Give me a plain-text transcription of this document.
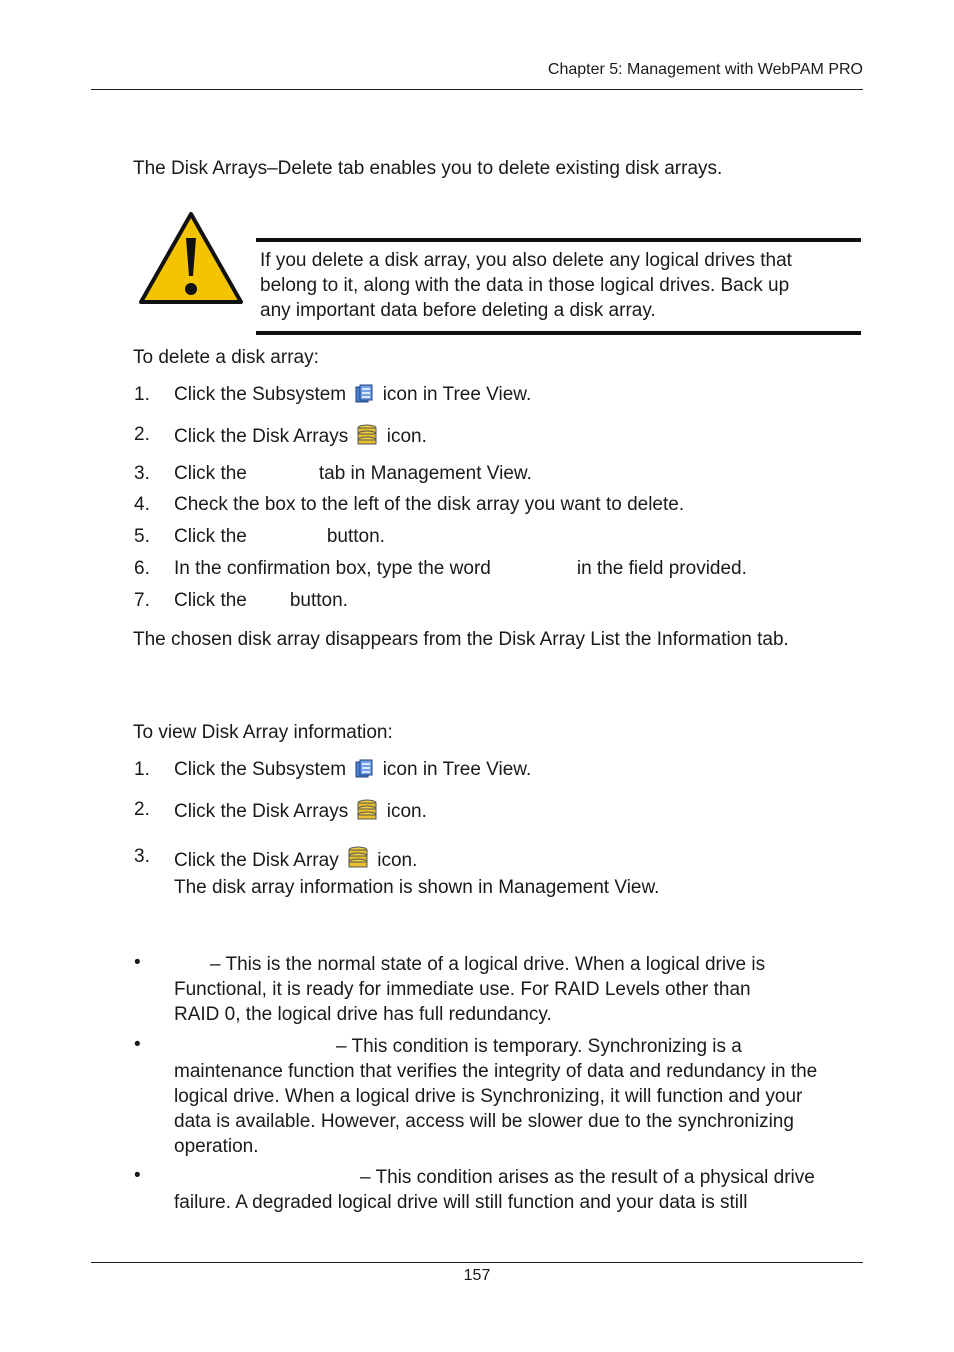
Chapter 5: Management with WebPAM PRO
The Disk Arrays–Delete tab enables you to delete existing disk arrays.
If you delete a disk array, you also delete any logical drives that
belong to it, along with the data in those logical drives. Back up
any important data before deleting a disk array.
To delete a disk array:
1. Click the Subsystem icon in Tree View.
2. Click the Disk Arrays icon.
3. Click the	tab in Management View.
4. Check the box to the left of the disk array you want to delete.
5. Click the	button.
6. In the confirmation box, type the word	in the field provided.
7. Click the button.
The chosen disk array disappears from the Disk Array List the Information tab.
To view Disk Array information:
1. Click the Subsystem icon in Tree View.
2. Click the Disk Arrays icon.
3. Click the Disk Array icon.
The disk array information is shown in Management View.
•	– This is the normal state of a logical drive. When a logical drive is
Functional, it is ready for immediate use. For RAID Levels other than
RAID 0, the logical drive has full redundancy.
•	– This condition is temporary. Synchronizing is a
maintenance function that verifies the integrity of data and redundancy in the
logical drive. When a logical drive is Synchronizing, it will function and your
data is available. However, access will be slower due to the synchronizing
operation.
•	– This condition arises as the result of a physical drive
failure. A degraded logical drive will still function and your data is still
157
